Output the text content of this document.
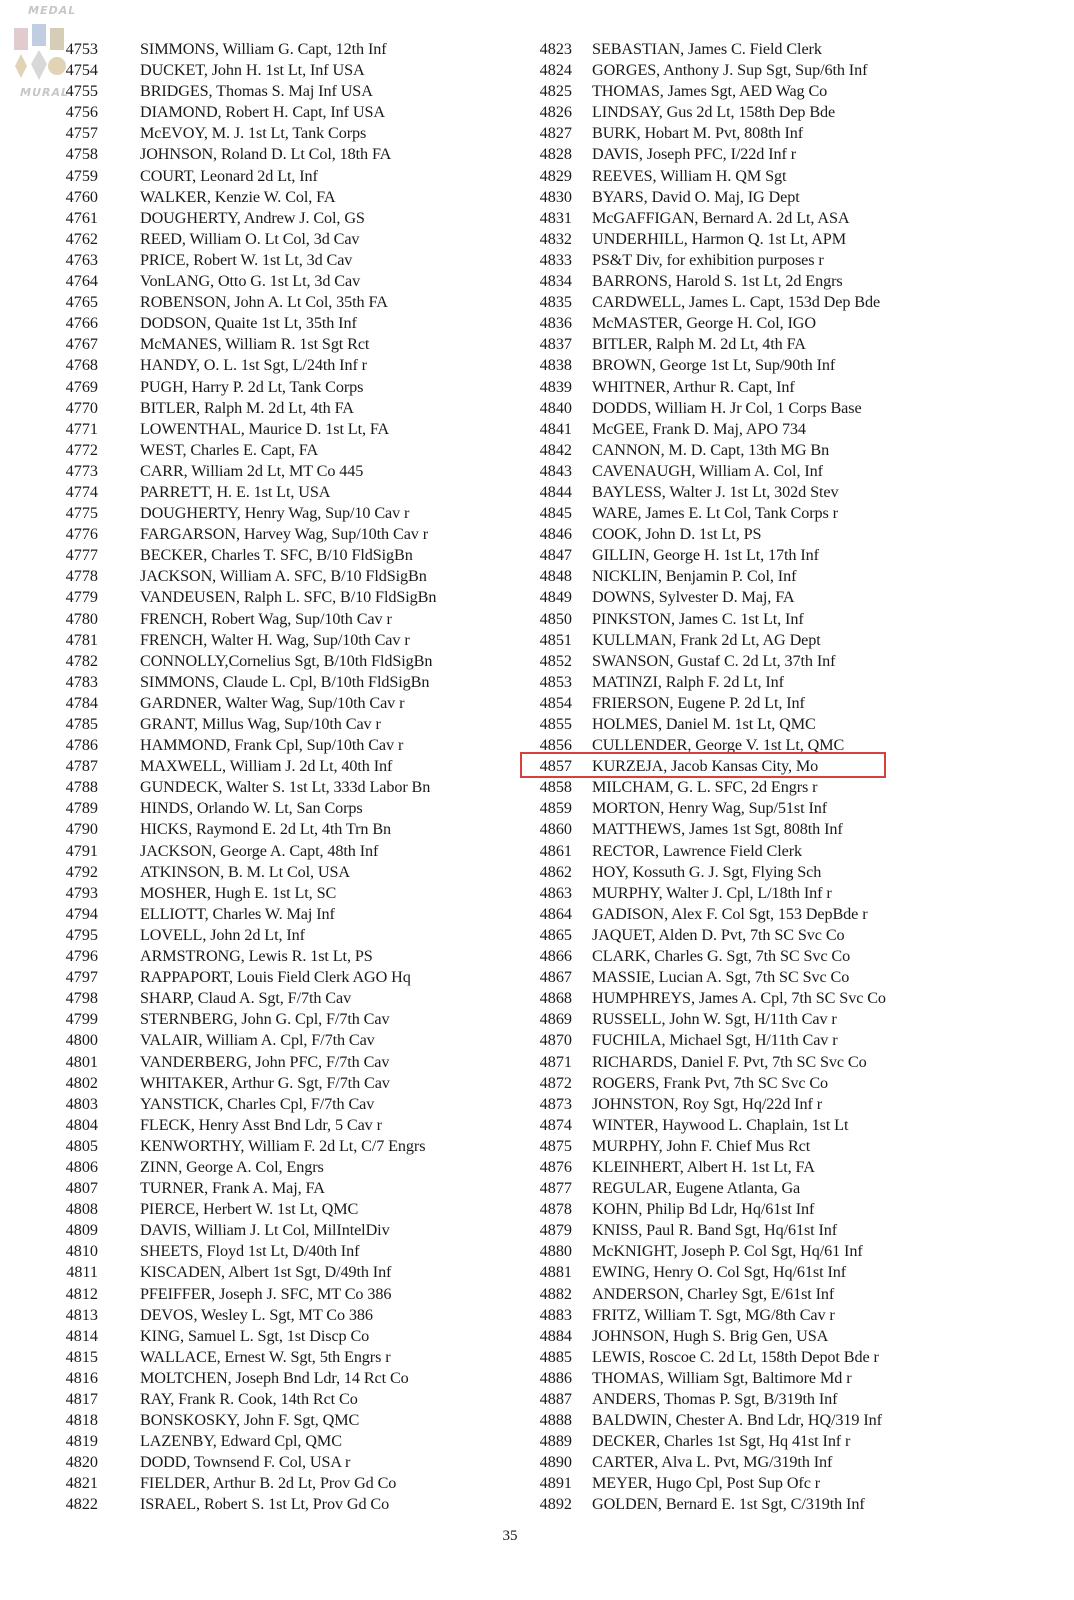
MEDAL
MURAL
4753	SIMMONS, William G. Capt, 12th Inf
4754	DUCKET, John H. 1st Lt, Inf USA
4755	BRIDGES, Thomas S. Maj Inf USA
4756	DIAMOND, Robert H. Capt, Inf USA
4757	McEVOY, M. J. 1st Lt, Tank Corps
4758	JOHNSON, Roland D. Lt Col, 18th FA
4759	COURT, Leonard 2d Lt, Inf
4760	WALKER, Kenzie W. Col, FA
4761	DOUGHERTY, Andrew J. Col, GS
4762	REED, William O. Lt Col, 3d Cav
4763	PRICE, Robert W. 1st Lt, 3d Cav
4764	VonLANG, Otto G. 1st Lt, 3d Cav
4765	ROBENSON, John A. Lt Col, 35th FA
4766	DODSON, Quaite 1st Lt, 35th Inf
4767	McMANES, William R. 1st Sgt Rct
4768	HANDY, O. L. 1st Sgt, L/24th Inf r
4769	PUGH, Harry P. 2d Lt, Tank Corps
4770	BITLER, Ralph M. 2d Lt, 4th FA
4771	LOWENTHAL, Maurice D. 1st Lt, FA
4772	WEST, Charles E. Capt, FA
4773	CARR, William 2d Lt, MT Co 445
4774	PARRETT, H. E. 1st Lt, USA
4775	DOUGHERTY, Henry Wag, Sup/10 Cav r
4776	FARGARSON, Harvey Wag, Sup/10th Cav r
4777	BECKER, Charles T. SFC, B/10 FldSigBn
4778	JACKSON, William A. SFC, B/10 FldSigBn
4779	VANDEUSEN, Ralph L. SFC, B/10 FldSigBn
4780	FRENCH, Robert Wag, Sup/10th Cav r
4781	FRENCH, Walter H. Wag, Sup/10th Cav r
4782	CONNOLLY,Cornelius Sgt, B/10th FldSigBn
4783	SIMMONS, Claude L. Cpl, B/10th FldSigBn
4784	GARDNER, Walter Wag, Sup/10th Cav r
4785	GRANT, Millus Wag, Sup/10th Cav r
4786	HAMMOND, Frank Cpl, Sup/10th Cav r
4787	MAXWELL, William J. 2d Lt, 40th Inf
4788	GUNDECK, Walter S. 1st Lt, 333d Labor Bn
4789	HINDS, Orlando W. Lt, San Corps
4790	HICKS, Raymond E. 2d Lt, 4th Trn Bn
4791	JACKSON, George A. Capt, 48th Inf
4792	ATKINSON, B. M. Lt Col, USA
4793	MOSHER, Hugh E. 1st Lt, SC
4794	ELLIOTT, Charles W. Maj Inf
4795	LOVELL, John 2d Lt, Inf
4796	ARMSTRONG, Lewis R. 1st Lt, PS
4797	RAPPAPORT, Louis Field Clerk AGO Hq
4798	SHARP, Claud A. Sgt, F/7th Cav
4799	STERNBERG, John G. Cpl, F/7th Cav
4800	VALAIR, William A. Cpl, F/7th Cav
4801	VANDERBERG, John PFC, F/7th Cav
4802	WHITAKER, Arthur G. Sgt, F/7th Cav
4803	YANSTICK, Charles Cpl, F/7th Cav
4804	FLECK, Henry Asst Bnd Ldr, 5 Cav r
4805	KENWORTHY, William F. 2d Lt, C/7 Engrs
4806	ZINN, George A. Col, Engrs
4807	TURNER, Frank A. Maj, FA
4808	PIERCE, Herbert W. 1st Lt, QMC
4809	DAVIS, William J. Lt Col, MilIntelDiv
4810	SHEETS, Floyd 1st Lt, D/40th Inf
4811	KISCADEN, Albert 1st Sgt, D/49th Inf
4812	PFEIFFER, Joseph J. SFC, MT Co 386
4813	DEVOS, Wesley L. Sgt, MT Co 386
4814	KING, Samuel L. Sgt, 1st Discp Co
4815	WALLACE, Ernest W. Sgt, 5th Engrs r
4816	MOLTCHEN, Joseph Bnd Ldr, 14 Rct Co
4817	RAY, Frank R. Cook, 14th Rct Co
4818	BONSKOSKY, John F. Sgt, QMC
4819	LAZENBY, Edward Cpl, QMC
4820	DODD, Townsend F. Col, USA r
4821	FIELDER, Arthur B. 2d Lt, Prov Gd Co
4822	ISRAEL, Robert S. 1st Lt, Prov Gd Co
4823 SEBASTIAN, James C. Field Clerk
4824 GORGES, Anthony J. Sup Sgt, Sup/6th Inf
4825 THOMAS, James Sgt, AED Wag Co
4826 LINDSAY, Gus 2d Lt, 158th Dep Bde
4827 BURK, Hobart M. Pvt, 808th Inf
4828 DAVIS, Joseph PFC, I/22d Inf r
4829 REEVES, William H. QM Sgt
4830 BYARS, David O. Maj, IG Dept
4831 McGAFFIGAN, Bernard A. 2d Lt, ASA
4832 UNDERHILL, Harmon Q. 1st Lt, APM
4833 PS&T Div, for exhibition purposes r
4834 BARRONS, Harold S. 1st Lt, 2d Engrs
4835 CARDWELL, James L. Capt, 153d Dep Bde
4836 McMASTER, George H. Col, IGO
4837 BITLER, Ralph M. 2d Lt, 4th FA
4838 BROWN, George 1st Lt, Sup/90th Inf
4839 WHITNER, Arthur R. Capt, Inf
4840 DODDS, William H. Jr Col, 1 Corps Base
4841 McGEE, Frank D. Maj, APO 734
4842 CANNON, M. D. Capt, 13th MG Bn
4843 CAVENAUGH, William A. Col, Inf
4844 BAYLESS, Walter J. 1st Lt, 302d Stev
4845 WARE, James E. Lt Col, Tank Corps r
4846 COOK, John D. 1st Lt, PS
4847 GILLIN, George H. 1st Lt, 17th Inf
4848 NICKLIN, Benjamin P. Col, Inf
4849 DOWNS, Sylvester D. Maj, FA
4850 PINKSTON, James C. 1st Lt, Inf
4851 KULLMAN, Frank 2d Lt, AG Dept
4852 SWANSON, Gustaf C. 2d Lt, 37th Inf
4853 MATINZI, Ralph F. 2d Lt, Inf
4854 FRIERSON, Eugene P. 2d Lt, Inf
4855 HOLMES, Daniel M. 1st Lt, QMC
4856 CULLENDER, George V. 1st Lt, QMC
4857 KURZEJA, Jacob Kansas City, Mo
4858 MILCHAM, G. L. SFC, 2d Engrs r
4859 MORTON, Henry Wag, Sup/51st Inf
4860 MATTHEWS, James 1st Sgt, 808th Inf
4861 RECTOR, Lawrence Field Clerk
4862 HOY, Kossuth G. J. Sgt, Flying Sch
4863 MURPHY, Walter J. Cpl, L/18th Inf r
4864 GADISON, Alex F. Col Sgt, 153 DepBde r
4865 JAQUET, Alden D. Pvt, 7th SC Svc Co
4866 CLARK, Charles G. Sgt, 7th SC Svc Co
4867 MASSIE, Lucian A. Sgt, 7th SC Svc Co
4868 HUMPHREYS, James A. Cpl, 7th SC Svc Co
4869 RUSSELL, John W. Sgt, H/11th Cav r
4870 FUCHILA, Michael Sgt, H/11th Cav r
4871 RICHARDS, Daniel F. Pvt, 7th SC Svc Co
4872 ROGERS, Frank Pvt, 7th SC Svc Co
4873 JOHNSTON, Roy Sgt, Hq/22d Inf r
4874 WINTER, Haywood L. Chaplain, 1st Lt
4875 MURPHY, John F. Chief Mus Rct
4876 KLEINHERT, Albert H. 1st Lt, FA
4877 REGULAR, Eugene Atlanta, Ga
4878 KOHN, Philip Bd Ldr, Hq/61st Inf
4879 KNISS, Paul R. Band Sgt, Hq/61st Inf
4880 McKNIGHT, Joseph P. Col Sgt, Hq/61 Inf
4881 EWING, Henry O. Col Sgt, Hq/61st Inf
4882 ANDERSON, Charley Sgt, E/61st Inf
4883 FRITZ, William T. Sgt, MG/8th Cav r
4884 JOHNSON, Hugh S. Brig Gen, USA
4885 LEWIS, Roscoe C. 2d Lt, 158th Depot Bde r
4886 THOMAS, William Sgt, Baltimore Md r
4887 ANDERS, Thomas P. Sgt, B/319th Inf
4888 BALDWIN, Chester A. Bnd Ldr, HQ/319 Inf
4889 DECKER, Charles 1st Sgt, Hq 41st Inf r
4890 CARTER, Alva L. Pvt, MG/319th Inf
4891 MEYER, Hugo Cpl, Post Sup Ofc r
4892 GOLDEN, Bernard E. 1st Sgt, C/319th Inf
35
